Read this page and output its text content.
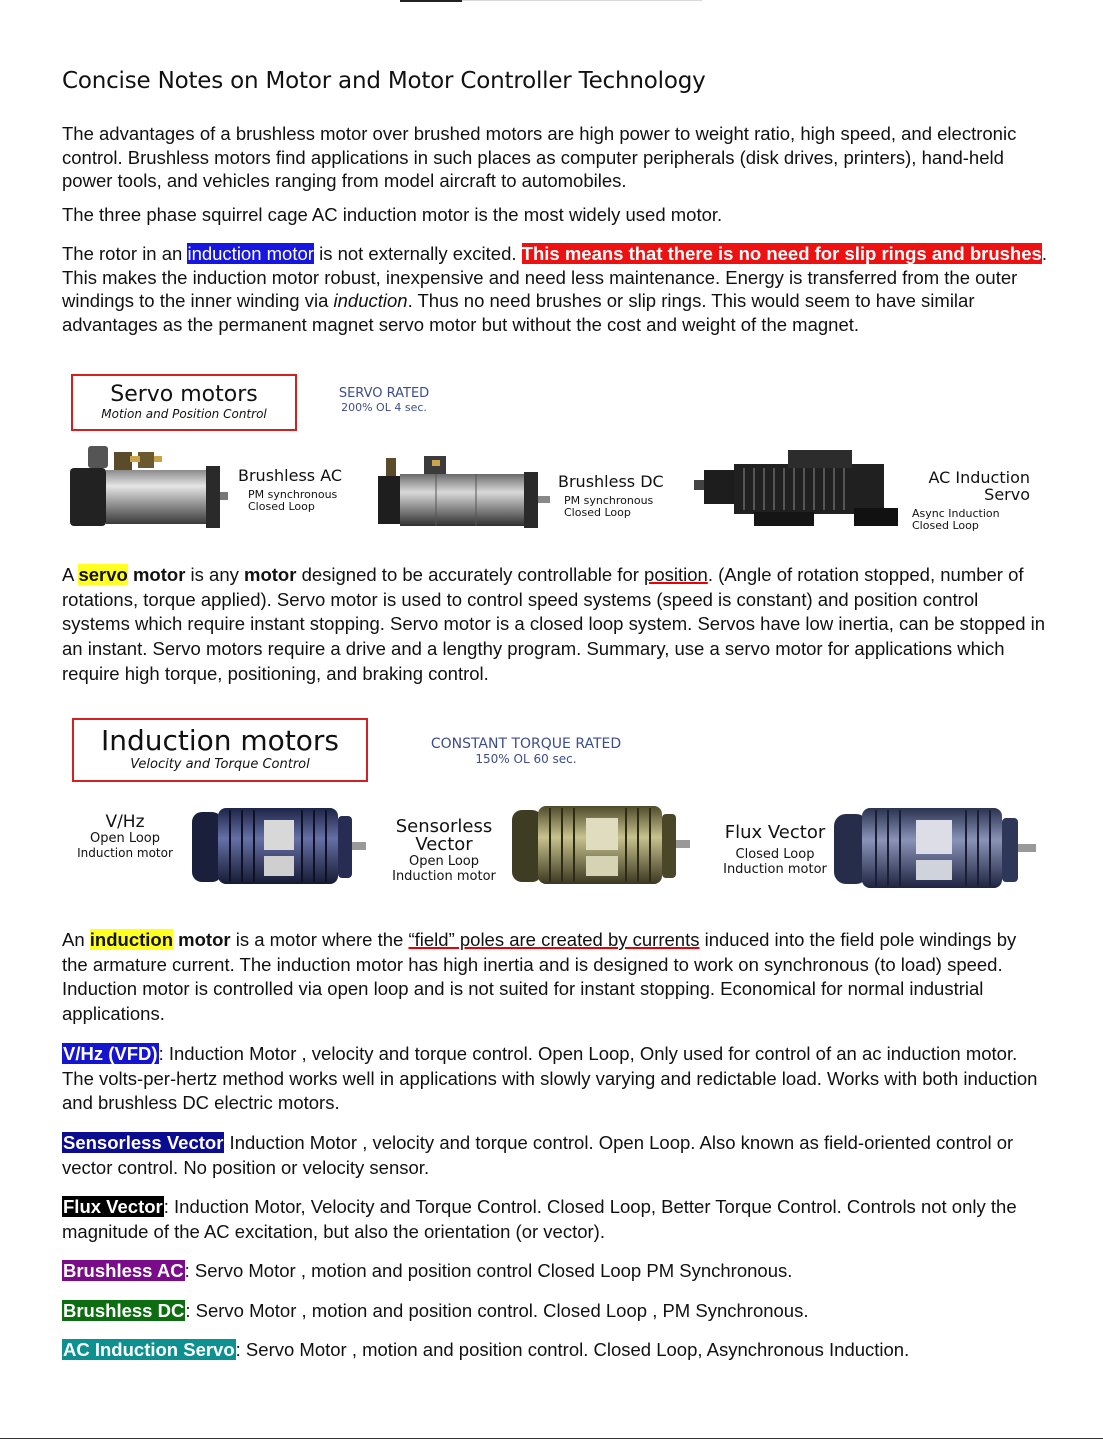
Concise Notes on Motor and Motor Controller Technology

The advantages of a brushless motor over brushed motors are high power to weight ratio, high speed, and electronic control. Brushless motors find applications in such places as computer peripherals (disk drives, printers), hand-held power tools, and vehicles ranging from model aircraft to automobiles.

The three phase squirrel cage AC induction motor is the most widely used motor.

The rotor in an induction motor is not externally excited. This means that there is no need for slip rings and brushes. This makes the induction motor robust, inexpensive and need less maintenance. Energy is transferred from the outer windings to the inner winding via induction. Thus no need brushes or slip rings. This would seem to have similar advantages as the permanent magnet servo motor but without the cost and weight of the magnet.

Servo motors
Motion and Position Control
SERVO RATED
200% OL 4 sec.
Brushless AC
PM synchronous
Closed Loop
Brushless DC
PM synchronous
Closed Loop
AC Induction
Servo
Async Induction
Closed Loop

A servo motor is any motor designed to be accurately controllable for position. (Angle of rotation stopped, number of rotations, torque applied). Servo motor is used to control speed systems (speed is constant) and position control systems which require instant stopping. Servo motor is a closed loop system. Servos have low inertia, can be stopped in an instant. Servo motors require a drive and a lengthy program. Summary, use a servo motor for applications which require high torque, positioning, and braking control.

Induction motors
Velocity and Torque Control
CONSTANT TORQUE RATED
150% OL 60 sec.
V/Hz
Open Loop
Induction motor
Sensorless
Vector
Open Loop
Induction motor
Flux Vector
Closed Loop
Induction motor

An induction motor is a motor where the “field” poles are created by currents induced into the field pole windings by the armature current. The induction motor has high inertia and is designed to work on synchronous (to load) speed. Induction motor is controlled via open loop and is not suited for instant stopping. Economical for normal industrial applications.

V/Hz (VFD): Induction Motor , velocity and torque control. Open Loop, Only used for control of an ac induction motor. The volts-per-hertz method works well in applications with slowly varying and redictable load. Works with both induction and brushless DC electric motors.

Sensorless Vector Induction Motor , velocity and torque control. Open Loop. Also known as field-oriented control or vector control. No position or velocity sensor.

Flux Vector: Induction Motor, Velocity and Torque Control. Closed Loop, Better Torque Control. Controls not only the magnitude of the AC excitation, but also the orientation (or vector).

Brushless AC: Servo Motor , motion and position control Closed Loop PM Synchronous.

Brushless DC: Servo Motor , motion and position control. Closed Loop , PM Synchronous.

AC Induction Servo: Servo Motor , motion and position control. Closed Loop, Asynchronous Induction.
